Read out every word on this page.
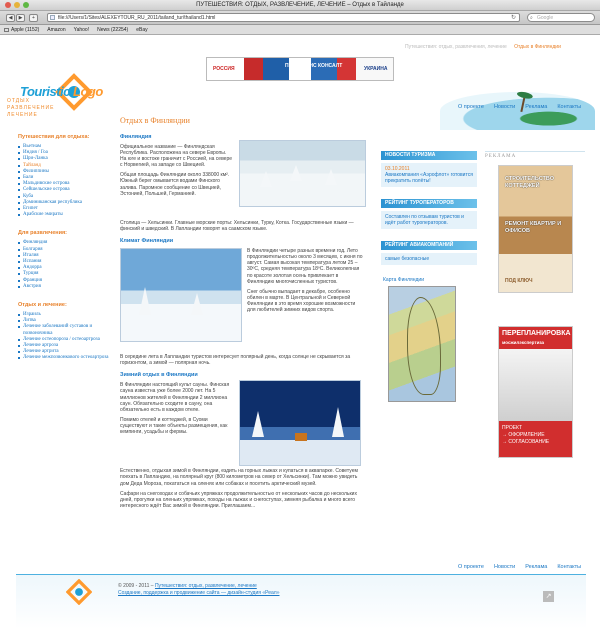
ПУТЕШЕСТВИЯ: ОТДЫХ, РАЗВЛЕЧЕНИЕ, ЛЕЧЕНИЕ – Отдых в Тайланде
◀	▶	+	file:///Users/1/Sites/ALEXEYTOUR_RU_2011/tailand_tur/thailand1.html	↻	⌕ Google
Apple (1152) Amazon Yahoo! News (22254) eBay
Путешествия: отдых, развлечения, лечение Отдых в Финляндии
Touristic Logo
ОТДЫХ
РАЗВЛЕЧЕНИЕ
ЛЕЧЕНИЕ
РОССИЯ	ПРОФТРАНС КОНСАЛТ	УКРАИНА
О проекте Новости Реклама Контакты
Путешествия для отдыха:
Вьетнам
Индия / Гоа
Шри-Ланка
Тайланд
Филиппины
Бали
Мальдивские острова
Сейшельские острова
Куба
Доминиканская республика
Египет
Арабские эмираты
Для развлечения:
Финляндия
Болгария
Италия
Испания
Андорра
Турция
Франция
Австрия
Отдых и лечение:
Израиль
Литва
Лечение заболеваний суставов и позвоночника
Лечение остеопороза / остеоартроза
Лечение артроза
Лечение артрита
Лечение межпозвонкового остеоартроза
Отдых в Финляндии
Финляндия

Официальное название — Финляндская Республика. Расположена на севере Европы. На юге и востоке граничит с Россией, на севере с Норвегией, на западе со Швецией.

Общая площадь Финляндии около 338000 км². Южный берег омывается водами Финского залива. Паромное сообщение со Швецией, Эстонией, Польшей, Германией.

Столица — Хельсинки. Главные морские порты: Хельсинки, Турку, Котка. Государственные языки — финский и шведский. В Лапландии говорят на саамском языке.

Климат Финляндии

В Финляндии четыре разных времени год. Лето продолжительностью около 3 месяцев, с июня по август. Самая высокая температура летом 25 – 30ºC, средняя температура 18ºC. Великолепная по красоте золотая осень привлекает в Финляндию многочисленных туристов.

Снег обычно выпадает в декабре, особенно обилен в марте. В Центральной и Северной Финляндии в это время хорошие возможности для любителей зимних видов спорта.

В середине лета в Лапландии туристов интересует полярный день, когда солнце не скрывается за горизонтом, а зимой — полярная ночь.

Зимний отдых в Финляндии

В Финляндии настоящий культ сауны. Финская сауна известна уже более 2000 лет. На 5 миллионов жителей в Финляндии 2 миллиона саун. Обязательно сходите в сауну, она обязательно есть в каждом отеле.

Помимо отелей и коттеджей, в Суоми существуют и такие объекты размещения, как кемпинги, усадьбы и фермы.

Естественно, отдыхая зимой в Финляндии, ездить на горных лыжах и купаться в аквапарке. Советуем поехать в Лапландию, на полярный круг (800 километров на север от Хельсинки). Там можно увидеть дом Деда Мороза, покататься на оленях или собаках и посетить арктический музей.

Сафари на снегоходах и собачьих упряжках продолжительностью от нескольких часов до нескольких дней, прогулки на оленьих упряжках, походы на лыжах и снегоступах, зимняя рыбалка и много всего интересного ждёт Вас зимой в Финляндии. Приглашаем...

НОВОСТИ ТУРИЗМА
03.10.2011
Авиакомпания «Аэрофлот» готовится прекратить полёты!
РЕЙТИНГ ТУРОПЕРАТОРОВ
Составлен по отзывам туристов и идёт работ туроператоров.
РЕЙТИНГ АВИАКОМПАНИЙ
самые безопасные
Карта Финляндии
РЕКЛАМА
СТРОИТЕЛЬСТВО КОТТЕДЖЕЙ
РЕМОНТ КВАРТИР И ОФИСОВ
ПОД КЛЮЧ
ПЕРЕПЛАНИРОВКА
мосжилэкспертиза
ПРОЕКТ
→ ОФОРМЛЕНИЕ
→ СОГЛАСОВАНИЕ
О проекте Новости Реклама Контакты
© 2009 - 2011 – Путешествия: отдых, развлечение, лечение
Создание, поддержка и продвижение сайта — дизайн-студия «Реал»	↗
